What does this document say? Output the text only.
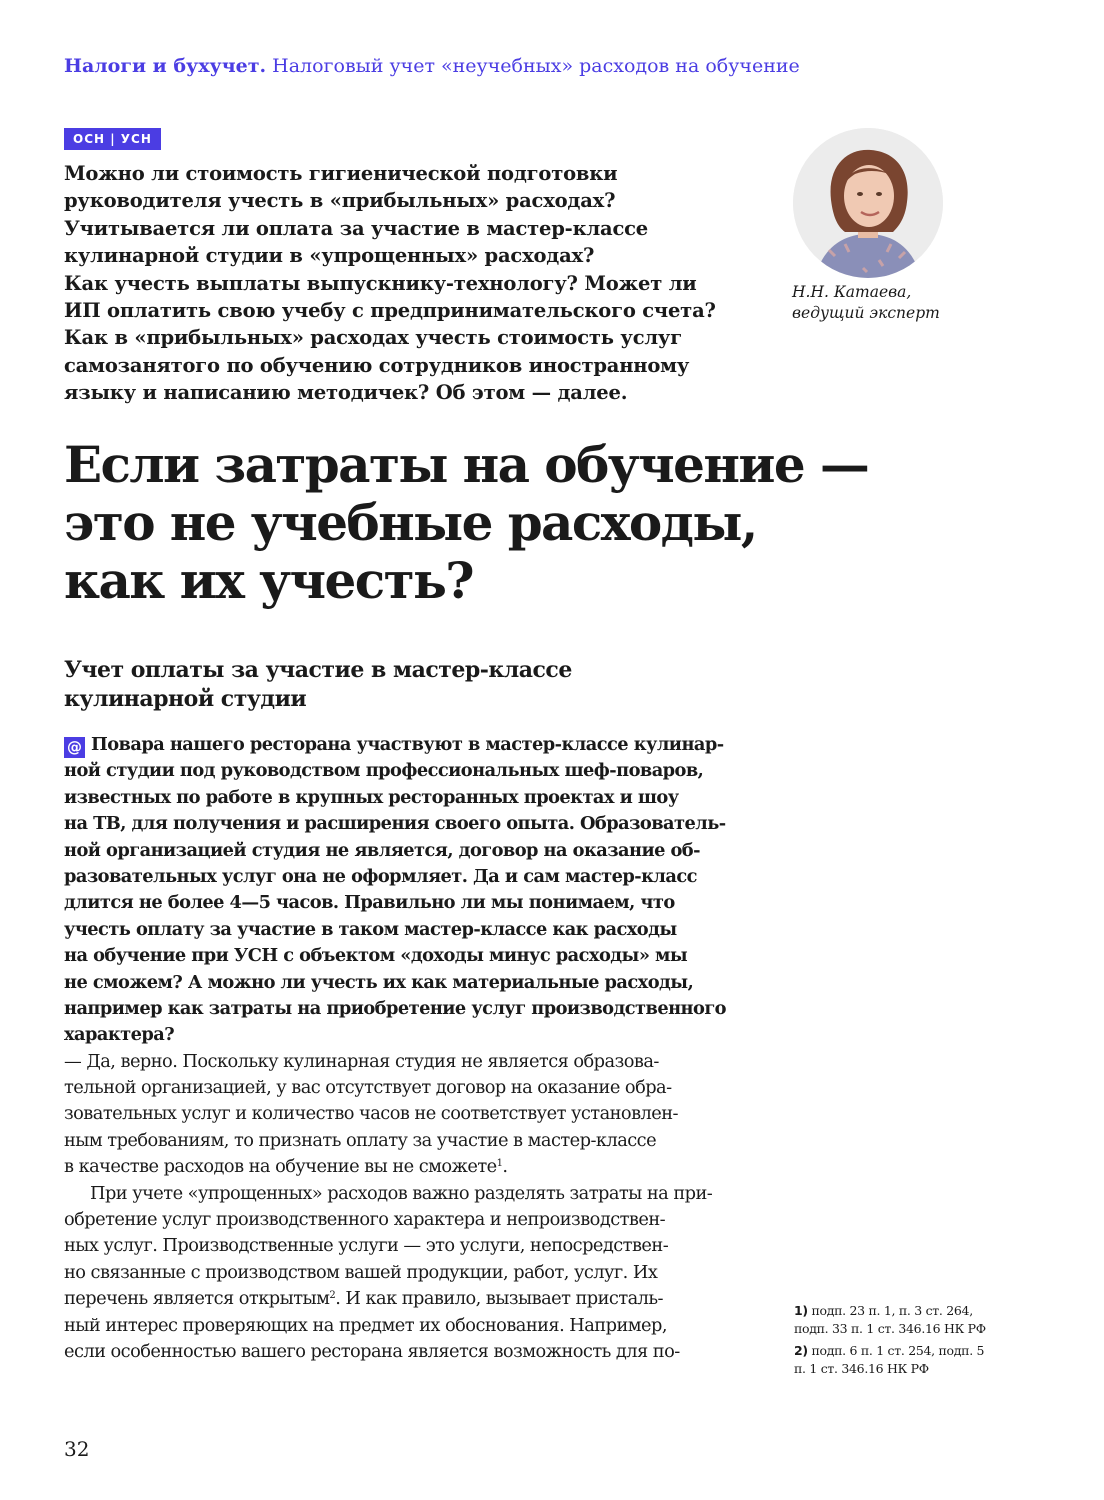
Налоги и бухучет. Налоговый учет «неучебных» расходов на обучение
ОСН | УСН

Можно ли стоимость гигиенической подготовки

руководителя учесть в «прибыльных» расходах?

Учитывается ли оплата за участие в мастер-классе

кулинарной студии в «упрощенных» расходах?

Как учесть выплаты выпускнику-технологу? Может ли

ИП оплатить свою учебу с предпринимательского счета?

Как в «прибыльных» расходах учесть стоимость услуг

самозанятого по обучению сотрудников иностранному

языку и написанию методичек? Об этом — далее.

Н.Н. Катаева,
ведущий эксперт
Если затраты на обучение —
это не учебные расходы,
как их учесть?
Учет оплаты за участие в мастер-классе
кулинарной студии
@ Повара нашего ресторана участвуют в мастер-классе кулинар-
ной студии под руководством профессиональных шеф-поваров,
известных по работе в крупных ресторанных проектах и шоу
на ТВ, для получения и расширения своего опыта. Образователь-
ной организацией студия не является, договор на оказание об-
разовательных услуг она не оформляет. Да и сам мастер-класс
длится не более 4—5 часов. Правильно ли мы понимаем, что
учесть оплату за участие в таком мастер-классе как расходы
на обучение при УСН с объектом «доходы минус расходы» мы
не сможем? А можно ли учесть их как материальные расходы,
например как затраты на приобретение услуг производственного
характера?
— Да, верно. Поскольку кулинарная студия не является образова-
тельной организацией, у вас отсутствует договор на оказание обра-
зовательных услуг и количество часов не соответствует установлен-
ным требованиям, то признать оплату за участие в мастер-классе
в качестве расходов на обучение вы не сможете$^1$.
При учете «упрощенных» расходов важно разделять затраты на при-
обретение услуг производственного характера и непроизводствен-
ных услуг. Производственные услуги — это услуги, непосредствен-
но связанные с производством вашей продукции, работ, услуг. Их
перечень является открытым$^2$. И как правило, вызывает присталь-
ный интерес проверяющих на предмет их обоснования. Например,
если особенностью вашего ресторана является возможность для по-
1) подп. 23 п. 1, п. 3 ст. 264,
подп. 33 п. 1 ст. 346.16 НК РФ
2) подп. 6 п. 1 ст. 254, подп. 5
п. 1 ст. 346.16 НК РФ
32
